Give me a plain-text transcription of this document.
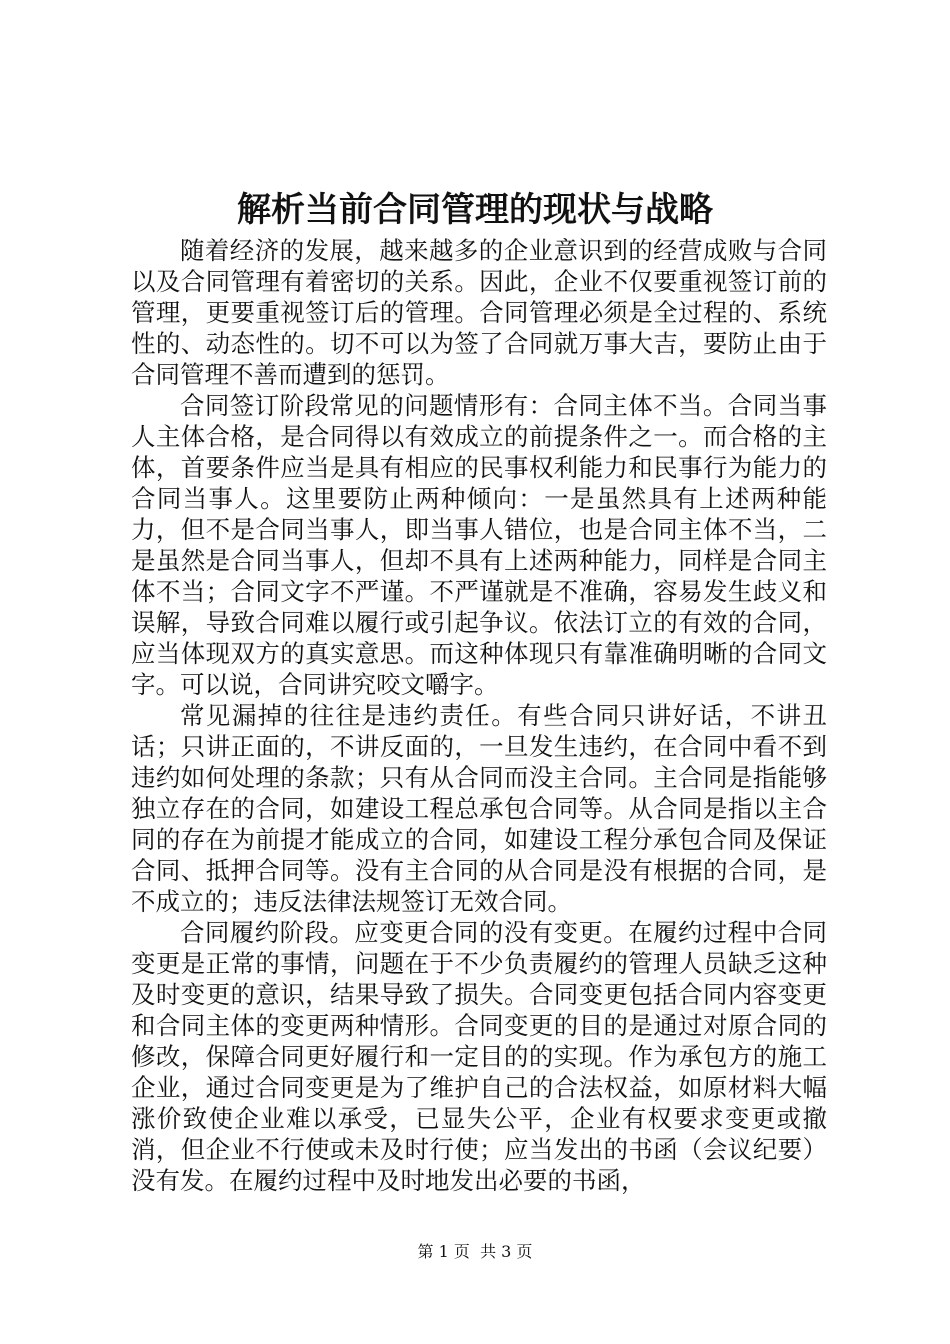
解析当前合同管理的现状与战略

随着经济的发展，越来越多的企业意识到的经营成败与合同以及合同管理有着密切的关系。因此，企业不仅要重视签订前的管理，更要重视签订后的管理。合同管理必须是全过程的、系统性的、动态性的。切不可以为签了合同就万事大吉，要防止由于合同管理不善而遭到的惩罚。

合同签订阶段常见的问题情形有：合同主体不当。合同当事人主体合格，是合同得以有效成立的前提条件之一。而合格的主体，首要条件应当是具有相应的民事权利能力和民事行为能力的合同当事人。这里要防止两种倾向：一是虽然具有上述两种能力，但不是合同当事人，即当事人错位，也是合同主体不当，二是虽然是合同当事人，但却不具有上述两种能力，同样是合同主体不当；合同文字不严谨。不严谨就是不准确，容易发生歧义和误解，导致合同难以履行或引起争议。依法订立的有效的合同，应当体现双方的真实意思。而这种体现只有靠准确明晰的合同文字。可以说，合同讲究咬文嚼字。

常见漏掉的往往是违约责任。有些合同只讲好话，不讲丑话；只讲正面的，不讲反面的，一旦发生违约，在合同中看不到违约如何处理的条款；只有从合同而没主合同。主合同是指能够独立存在的合同，如建设工程总承包合同等。从合同是指以主合同的存在为前提才能成立的合同，如建设工程分承包合同及保证合同、抵押合同等。没有主合同的从合同是没有根据的合同，是不成立的；违反法律法规签订无效合同。

合同履约阶段。应变更合同的没有变更。在履约过程中合同变更是正常的事情，问题在于不少负责履约的管理人员缺乏这种及时变更的意识，结果导致了损失。合同变更包括合同内容变更和合同主体的变更两种情形。合同变更的目的是通过对原合同的修改，保障合同更好履行和一定目的的实现。作为承包方的施工企业，通过合同变更是为了维护自己的合法权益，如原材料大幅涨价致使企业难以承受，已显失公平，企业有权要求变更或撤消，但企业不行使或未及时行使；应当发出的书函（会议纪要）没有发。在履约过程中及时地发出必要的书函，

第 1 页 共 3 页
